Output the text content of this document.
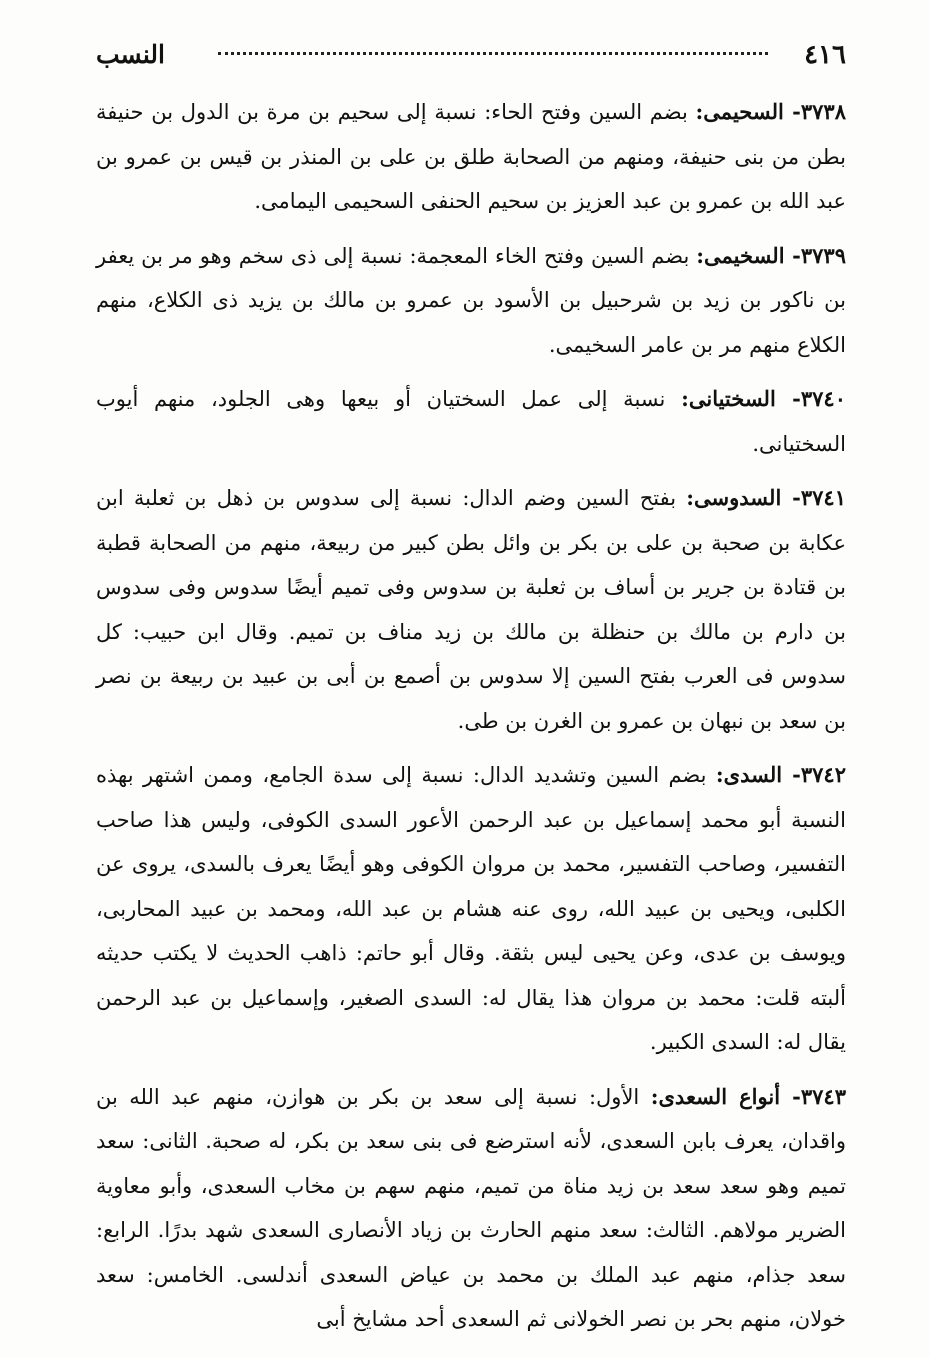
٤١٦
النسب

٣٧٣٨- السحيمى: بضم السين وفتح الحاء: نسبة إلى سحيم بن مرة بن الدول بن حنيفة بطن من بنى حنيفة، ومنهم من الصحابة طلق بن على بن المنذر بن قيس بن عمرو بن عبد الله بن عمرو بن عبد العزيز بن سحيم الحنفى السحيمى اليمامى.

٣٧٣٩- السخيمى: بضم السين وفتح الخاء المعجمة: نسبة إلى ذى سخم وهو مر بن يعفر بن ناكور بن زيد بن شرحبيل بن الأسود بن عمرو بن مالك بن يزيد ذى الكلاع، منهم الكلاع منهم مر بن عامر السخيمى.

٣٧٤٠- السختيانى: نسبة إلى عمل السختيان أو بيعها وهى الجلود، منهم أيوب السختيانى.

٣٧٤١- السدوسى: بفتح السين وضم الدال: نسبة إلى سدوس بن ذهل بن ثعلبة ابن عكابة بن صحبة بن على بن بكر بن وائل بطن كبير من ربيعة، منهم من الصحابة قطبة بن قتادة بن جرير بن أساف بن ثعلبة بن سدوس وفى تميم أيضًا سدوس وفى سدوس بن دارم بن مالك بن حنظلة بن مالك بن زيد مناف بن تميم. وقال ابن حبيب: كل سدوس فى العرب بفتح السين إلا سدوس بن أصمع بن أبى بن عبيد بن ربيعة بن نصر بن سعد بن نبهان بن عمرو بن الغرن بن طى.

٣٧٤٢- السدى: بضم السين وتشديد الدال: نسبة إلى سدة الجامع، وممن اشتهر بهذه النسبة أبو محمد إسماعيل بن عبد الرحمن الأعور السدى الكوفى، وليس هذا صاحب التفسير، وصاحب التفسير، محمد بن مروان الكوفى وهو أيضًا يعرف بالسدى، يروى عن الكلبى، ويحيى بن عبيد الله، روى عنه هشام بن عبد الله، ومحمد بن عبيد المحاربى، ويوسف بن عدى، وعن يحيى ليس بثقة. وقال أبو حاتم: ذاهب الحديث لا يكتب حديثه ألبته قلت: محمد بن مروان هذا يقال له: السدى الصغير، وإسماعيل بن عبد الرحمن يقال له: السدى الكبير.

٣٧٤٣- أنواع السعدى: الأول: نسبة إلى سعد بن بكر بن هوازن، منهم عبد الله بن واقدان، يعرف بابن السعدى، لأنه استرضع فى بنى سعد بن بكر، له صحبة. الثانى: سعد تميم وهو سعد سعد بن زيد مناة من تميم، منهم سهم بن مخاب السعدى، وأبو معاوية الضرير مولاهم. الثالث: سعد منهم الحارث بن زياد الأنصارى السعدى شهد بدرًا. الرابع: سعد جذام، منهم عبد الملك بن محمد بن عياض السعدى أندلسى. الخامس: سعد خولان، منهم بحر بن نصر الخولانى ثم السعدى أحد مشايخ أبى
